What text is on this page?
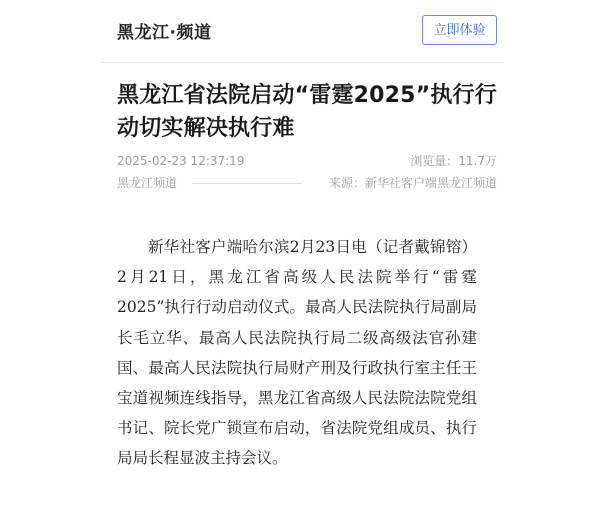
黑龙江·频道	立即体验
黑龙江省法院启动“雷霆2025”执行行动切实解决执行难
2025-02-23 12:37:19	浏览量：11.7万
黑龙江频道	来源：新华社客户端黑龙江频道

新华社客户端哈尔滨2月23日电（记者戴锦镕）2月21日，黑龙江省高级人民法院举行“雷霆2025”执行行动启动仪式。最高人民法院执行局副局长毛立华、最高人民法院执行局二级高级法官孙建国、最高人民法院执行局财产刑及行政执行室主任王宝道视频连线指导，黑龙江省高级人民法院法院党组书记、院长党广锁宣布启动，省法院党组成员、执行局局长程显波主持会议。
